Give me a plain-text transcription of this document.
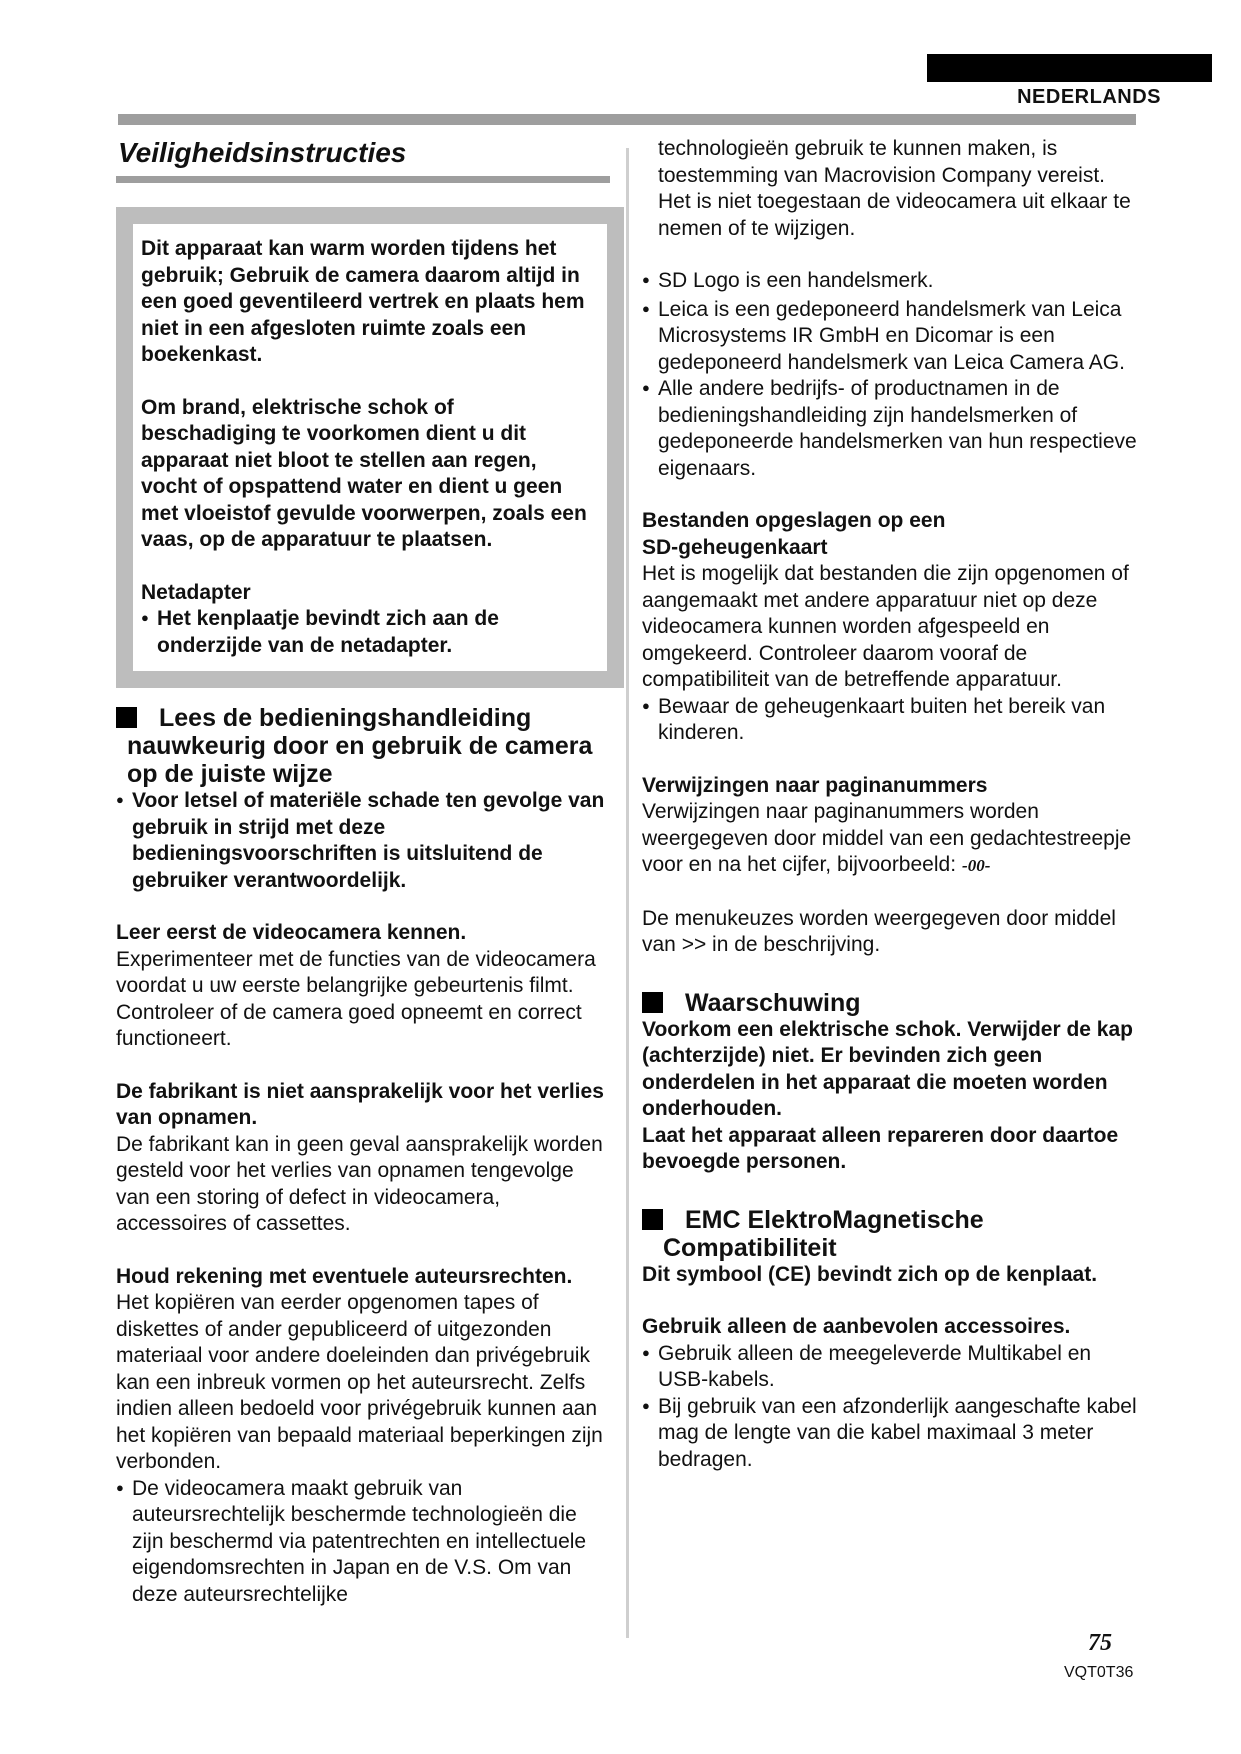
NEDERLANDS
Veiligheidsinstructies

Dit apparaat kan warm worden tijdens het gebruik; Gebruik de camera daarom altijd in een goed geventileerd vertrek en plaats hem niet in een afgesloten ruimte zoals een boekenkast.

Om brand, elektrische schok of beschadiging te voorkomen dient u dit apparaat niet bloot te stellen aan regen, vocht of opspattend water en dient u geen met vloeistof gevulde voorwerpen, zoals een vaas, op de apparatuur te plaatsen.

Netadapter
●
Het kenplaatje bevindt zich aan de onderzijde van de netadapter.
Lees de bedieningshandleiding
nauwkeurig door en gebruik de camera op de juiste wijze
●
Voor letsel of materiële schade ten gevolge van gebruik in strijd met deze bedieningsvoorschriften is uitsluitend de gebruiker verantwoordelijk.
Leer eerst de videocamera kennen.
Experimenteer met de functies van de videocamera voordat u uw eerste belangrijke gebeurtenis filmt. Controleer of de camera goed opneemt en correct functioneert.
De fabrikant is niet aansprakelijk voor het verlies van opnamen.
De fabrikant kan in geen geval aansprakelijk worden gesteld voor het verlies van opnamen tengevolge van een storing of defect in videocamera, accessoires of cassettes.
Houd rekening met eventuele auteursrechten.
Het kopiëren van eerder opgenomen tapes of diskettes of ander gepubliceerd of uitgezonden materiaal voor andere doeleinden dan privégebruik kan een inbreuk vormen op het auteursrecht. Zelfs indien alleen bedoeld voor privégebruik kunnen aan het kopiëren van bepaald materiaal beperkingen zijn verbonden.
●
De videocamera maakt gebruik van auteursrechtelijk beschermde technologieën die zijn beschermd via patentrechten en intellectuele eigendomsrechten in Japan en de V.S. Om van deze auteursrechtelijke
technologieën gebruik te kunnen maken, is toestemming van Macrovision Company vereist. Het is niet toegestaan de videocamera uit elkaar te nemen of te wijzigen.
●
SD Logo is een handelsmerk.
●
Leica is een gedeponeerd handelsmerk van Leica Microsystems IR GmbH en Dicomar is een gedeponeerd handelsmerk van Leica Camera AG.
●
Alle andere bedrijfs- of productnamen in de bedieningshandleiding zijn handelsmerken of gedeponeerde handelsmerken van hun respectieve eigenaars.
Bestanden opgeslagen op een
SD-geheugenkaart
Het is mogelijk dat bestanden die zijn opgenomen of aangemaakt met andere apparatuur niet op deze videocamera kunnen worden afgespeeld en omgekeerd. Controleer daarom vooraf de compatibiliteit van de betreffende apparatuur.
●
Bewaar de geheugenkaart buiten het bereik van kinderen.
Verwijzingen naar paginanummers
Verwijzingen naar paginanummers worden weergegeven door middel van een gedachtestreepje voor en na het cijfer, bijvoorbeeld: -00-
De menukeuzes worden weergegeven door middel van >> in de beschrijving.
Waarschuwing
Voorkom een elektrische schok. Verwijder de kap (achterzijde) niet. Er bevinden zich geen onderdelen in het apparaat die moeten worden onderhouden.
Laat het apparaat alleen repareren door daartoe bevoegde personen.
EMC ElektroMagnetische
Compatibiliteit
Dit symbool (CE) bevindt zich op de kenplaat.
Gebruik alleen de aanbevolen accessoires.
●
Gebruik alleen de meegeleverde Multikabel en USB-kabels.
●
Bij gebruik van een afzonderlijk aangeschafte kabel mag de lengte van die kabel maximaal 3 meter bedragen.
75
VQT0T36
